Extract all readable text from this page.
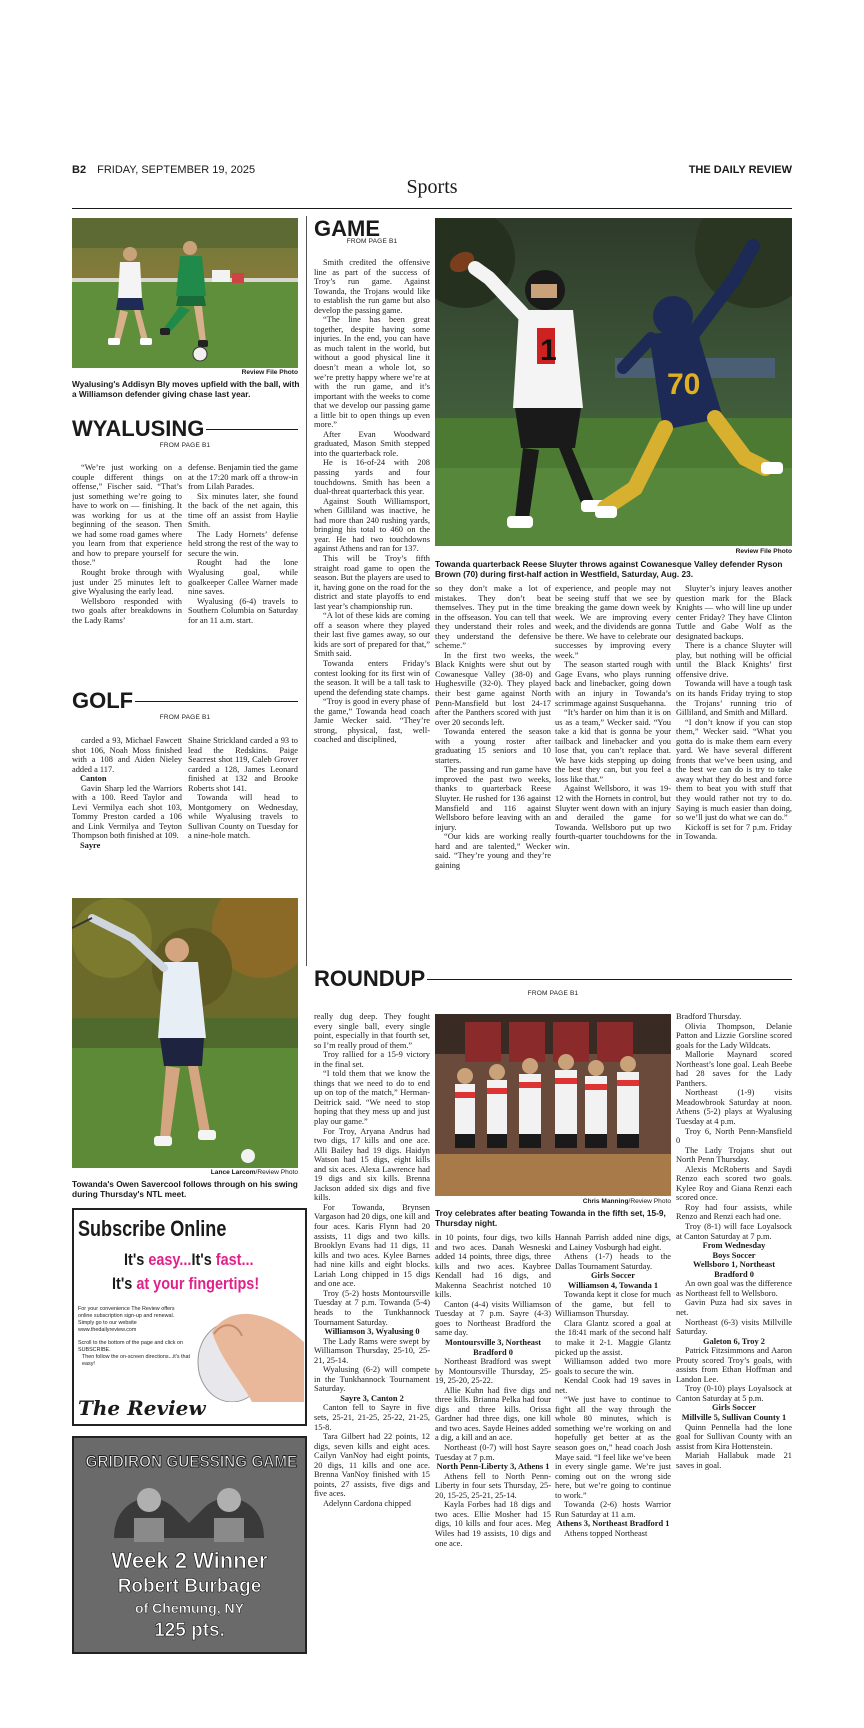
B2 FRIDAY, SEPTEMBER 19, 2025
Sports
THE DAILY REVIEW
Review File Photo
Wyalusing's Addisyn Bly moves upfield with the ball, with a Williamson defender giving chase last year.
WYALUSING
FROM PAGE B1

“We’re just working on a couple different things on offense,” Fischer said. “That’s just something we’re going to have to work on — finishing. It was working for us at the beginning of the season. Then we had some road games where you learn from that experience and how to prepare yourself for those.”

Rought broke through with just under 25 minutes left to give Wyalusing the early lead.

Wellsboro responded with two goals after breakdowns in the Lady Rams’

defense. Benjamin tied the game at the 17:20 mark off a throw-in from Lilah Parades.

Six minutes later, she found the back of the net again, this time off an assist from Haylie Smith.

The Lady Hornets’ defense held strong the rest of the way to secure the win.

Rought had the lone Wyalusing goal, while goalkeeper Callee Warner made nine saves.

Wyalusing (6-4) travels to Southern Columbia on Saturday for an 11 a.m. start.

GOLF
FROM PAGE B1

carded a 93, Michael Fawcett shot 106, Noah Moss finished with a 108 and Aiden Nieley added a 117.

Canton

Gavin Sharp led the Warriors with a 100. Reed Taylor and Levi Vermilya each shot 103, Tommy Preston carded a 106 and Link Vermilya and Teyton Thompson both finished at 109.

Sayre

Shaine Strickland carded a 93 to lead the Redskins. Paige Seacrest shot 119, Caleb Grover carded a 128, James Leonard finished at 132 and Brooke Roberts shot 141.

Towanda will head to Montgomery on Wednesday, while Wyalusing travels to Sullivan County on Tuesday for a nine-hole match.

Lance Larcom/Review Photo
Towanda's Owen Savercool follows through on his swing during Thursday's NTL meet.
Subscribe Online
It's easy...It's fast...
It's at your fingertips!
For your convenience The Review offers online subscription sign-up and renewal. Simply go to our website
www.thedailyreview.com
Scroll to the bottom of the page and click on SUBSCRIBE.
Then follow the on-screen directions...it's that easy!
The Review
GRIDIRON GUESSING GAME
Week 2 Winner
Robert Burbage
of Chemung, NY
125 pts.
GAME
FROM PAGE B1

Smith credited the offensive line as part of the success of Troy’s run game. Against Towanda, the Trojans would like to establish the run game but also develop the passing game.

“The line has been great together, despite having some injuries. In the end, you can have as much talent in the world, but without a good physical line it doesn’t mean a whole lot, so we’re pretty happy where we’re at with the run game, and it’s important with the weeks to come that we develop our passing game a little bit to open things up even more.”

After Evan Woodward graduated, Mason Smith stepped into the quarterback role.

He is 16-of-24 with 208 passing yards and four touchdowns. Smith has been a dual-threat quarterback this year.

Against South Williamsport, when Gilliland was inactive, he had more than 240 rushing yards, bringing his total to 460 on the year. He had two touchdowns against Athens and ran for 137.

This will be Troy’s fifth straight road game to open the season. But the players are used to it, having gone on the road for the district and state playoffs to end last year’s championship run.

“A lot of these kids are coming off a season where they played their last five games away, so our kids are sort of prepared for that,” Smith said.

Towanda enters Friday’s contest looking for its first win of the season. It will be a tall task to upend the defending state champs.

“Troy is good in every phase of the game,” Towanda head coach Jamie Wecker said. “They’re strong, physical, fast, well-coached and disciplined,

1
70
Review File Photo
Towanda quarterback Reese Sluyter throws against Cowanesque Valley defender Ryson Brown (70) during first-half action in Westfield, Saturday, Aug. 23.

so they don’t make a lot of mistakes. They don’t beat themselves. They put in the time in the offseason. You can tell that they understand their roles and they understand the defensive scheme.”

In the first two weeks, the Black Knights were shut out by Cowanesque Valley (38-0) and Hughesville (32-0). They played their best game against North Penn-Mansfield but lost 24-17 after the Panthers scored with just over 20 seconds left.

Towanda entered the season with a young roster after graduating 15 seniors and 10 starters.

The passing and run game have improved the past two weeks, thanks to quarterback Reese Sluyter. He rushed for 136 against Mansfield and 116 against Wellsboro before leaving with an injury.

“Our kids are working really hard and are talented,” Wecker said. “They’re young and they’re gaining

experience, and people may not be seeing stuff that we see by breaking the game down week by week. We are improving every week, and the dividends are gonna be there. We have to celebrate our successes by improving every week.”

The season started rough with Gage Evans, who plays running back and linebacker, going down with an injury in Towanda’s scrimmage against Susquehanna.

“It’s harder on him than it is on us as a team,” Wecker said. “You take a kid that is gonna be your tailback and linebacker and you lose that, you can’t replace that. We have kids stepping up doing the best they can, but you feel a loss like that.”

Against Wellsboro, it was 19-12 with the Hornets in control, but Sluyter went down with an injury and derailed the game for Towanda. Wellsboro put up two fourth-quarter touchdowns for the win.

Sluyter’s injury leaves another question mark for the Black Knights — who will line up under center Friday? They have Clinton Tuttle and Gabe Wolf as the designated backups.

There is a chance Sluyter will play, but nothing will be official until the Black Knights’ first offensive drive.

Towanda will have a tough task on its hands Friday trying to stop the Trojans’ running trio of Gilliland, and Smith and Millard.

“I don’t know if you can stop them,” Wecker said. “What you gotta do is make them earn every yard. We have several different fronts that we’ve been using, and the best we can do is try to take away what they do best and force them to beat you with stuff that they would rather not try to do. Saying is much easier than doing, so we’ll just do what we can do.”

Kickoff is set for 7 p.m. Friday in Towanda.

ROUNDUP
FROM PAGE B1

really dug deep. They fought every single ball, every single point, especially in that fourth set, so I’m really proud of them.”

Troy rallied for a 15-9 victory in the final set.

“I told them that we know the things that we need to do to end up on top of the match,” Herman-Deitrick said. “We need to stop hoping that they mess up and just play our game.”

For Troy, Aryana Andrus had two digs, 17 kills and one ace. Alli Bailey had 19 digs. Haidyn Watson had 15 digs, eight kills and six aces. Alexa Lawrence had 19 digs and six kills. Brenna Jackson added six digs and five kills.

For Towanda, Brynsen Vargason had 20 digs, one kill and four aces. Karis Flynn had 20 assists, 11 digs and two kills. Brooklyn Evans had 11 digs, 11 kills and two aces. Kylee Barnes had nine kills and eight blocks. Lariah Long chipped in 15 digs and one ace.

Troy (5-2) hosts Montoursville Tuesday at 7 p.m. Towanda (5-4) heads to the Tunkhannock Tournament Saturday.

Williamson 3, Wyalusing 0

The Lady Rams were swept by Williamson Thursday, 25-10, 25-21, 25-14.

Wyalusing (6-2) will compete in the Tunkhannock Tournament Saturday.

Sayre 3, Canton 2

Canton fell to Sayre in five sets, 25-21, 21-25, 25-22, 21-25, 15-8.

Tara Gilbert had 22 points, 12 digs, seven kills and eight aces. Cailyn VanNoy had eight points, 20 digs, 11 kills and one ace. Brenna VanNoy finished with 15 points, 27 assists, five digs and five aces.

Adelynn Cardona chipped

Chris Manning/Review Photo
Troy celebrates after beating Towanda in the fifth set, 15-9, Thursday night.

in 10 points, four digs, two kills and two aces. Danah Wesneski added 14 points, three digs, three kills and two aces. Kaybree Kendall had 16 digs, and Makenna Seachrist notched 10 kills.

Canton (4-4) visits Williamson Tuesday at 7 p.m. Sayre (4-3) goes to Northeast Bradford the same day.

Montoursville 3, Northeast Bradford 0

Northeast Bradford was swept by Montoursville Thursday, 25-19, 25-20, 25-22.

Allie Kuhn had five digs and three kills. Brianna Pelka had four digs and three kills. Orissa Gardner had three digs, one kill and two aces. Sayde Heines added a dig, a kill and an ace.

Northeast (0-7) will host Sayre Tuesday at 7 p.m.

North Penn-Liberty 3, Athens 1

Athens fell to North Penn-Liberty in four sets Thursday, 25-20, 15-25, 25-21, 25-14.

Kayla Forbes had 18 digs and two aces. Ellie Mosher had 15 digs, 10 kills and four aces. Meg Wiles had 19 assists, 10 digs and one ace.

Hannah Parrish added nine digs, and Lainey Vosburgh had eight.

Athens (1-7) heads to the Dallas Tournament Saturday.

Girls Soccer

Williamson 4, Towanda 1

Towanda kept it close for much of the game, but fell to Williamson Thursday.

Clara Glantz scored a goal at the 18:41 mark of the second half to make it 2-1. Maggie Glantz picked up the assist.

Williamson added two more goals to secure the win.

Kendal Cook had 19 saves in net.

“We just have to continue to fight all the way through the whole 80 minutes, which is something we’re working on and hopefully get better at as the season goes on,” head coach Josh Maye said. “I feel like we’ve been in every single game. We’re just coming out on the wrong side here, but we’re going to continue to work.”

Towanda (2-6) hosts Warrior Run Saturday at 11 a.m.

Athens 3, Northeast Bradford 1

Athens topped Northeast

Bradford Thursday.

Olivia Thompson, Delanie Patton and Lizzie Gorsline scored goals for the Lady Wildcats.

Mallorie Maynard scored Northeast’s lone goal. Leah Beebe had 28 saves for the Lady Panthers.

Northeast (1-9) visits Meadowbrook Saturday at noon. Athens (5-2) plays at Wyalusing Tuesday at 4 p.m.

Troy 6, North Penn-Mansfield 0

The Lady Trojans shut out North Penn Thursday.

Alexis McRoberts and Saydi Renzo each scored two goals. Kylee Roy and Giana Renzi each scored once.

Roy had four assists, while Renzo and Renzi each had one.

Troy (8-1) will face Loyalsock at Canton Saturday at 7 p.m.

From Wednesday

Boys Soccer

Wellsboro 1, Northeast Bradford 0

An own goal was the difference as Northeast fell to Wellsboro.

Gavin Puza had six saves in net.

Northeast (6-3) visits Millville Saturday.

Galeton 6, Troy 2

Patrick Fitzsimmons and Aaron Prouty scored Troy’s goals, with assists from Ethan Hoffman and Landon Lee.

Troy (0-10) plays Loyalsock at Canton Saturday at 5 p.m.

Girls Soccer

Millville 5, Sullivan County 1

Quinn Pennella had the lone goal for Sullivan County with an assist from Kira Hottenstein.

Mariah Hallabuk made 21 saves in goal.
